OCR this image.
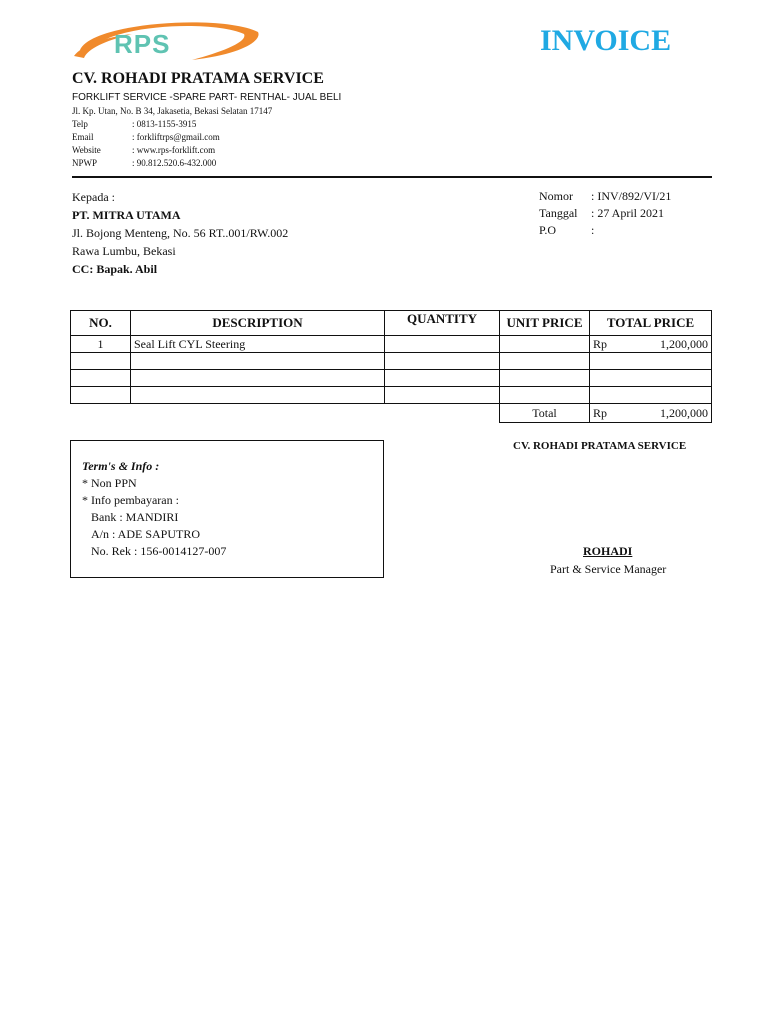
RPS	INVOICE
CV. ROHADI PRATAMA SERVICE
FORKLIFT SERVICE -SPARE PART- RENTHAL- JUAL BELI
Jl. Kp. Utan, No. B 34, Jakasetia, Bekasi Selatan 17147
Telp	: 0813-1155-3915
Email	: forkliftrps@gmail.com
Website	: www.rps-forklift.com
NPWP	: 90.812.520.6-432.000
Kepada :
PT. MITRA UTAMA
Jl. Bojong Menteng, No. 56 RT..001/RW.002
Rawa Lumbu, Bekasi
CC: Bapak. Abil
Nomor	: INV/892/VI/21
Tanggal	: 27 April 2021
P.O	:
NO.	DESCRIPTION	QUANTITY	UNIT PRICE	TOTAL PRICE
1	Seal Lift CYL Steering			Rp 1,200,000

			Total	Rp 1,200,000
Term's & Info :
* Non PPN
* Info pembayaran :
Bank : MANDIRI
A/n : ADE SAPUTRO
No. Rek : 156-0014127-007
CV. ROHADI PRATAMA SERVICE
ROHADI
Part & Service Manager
